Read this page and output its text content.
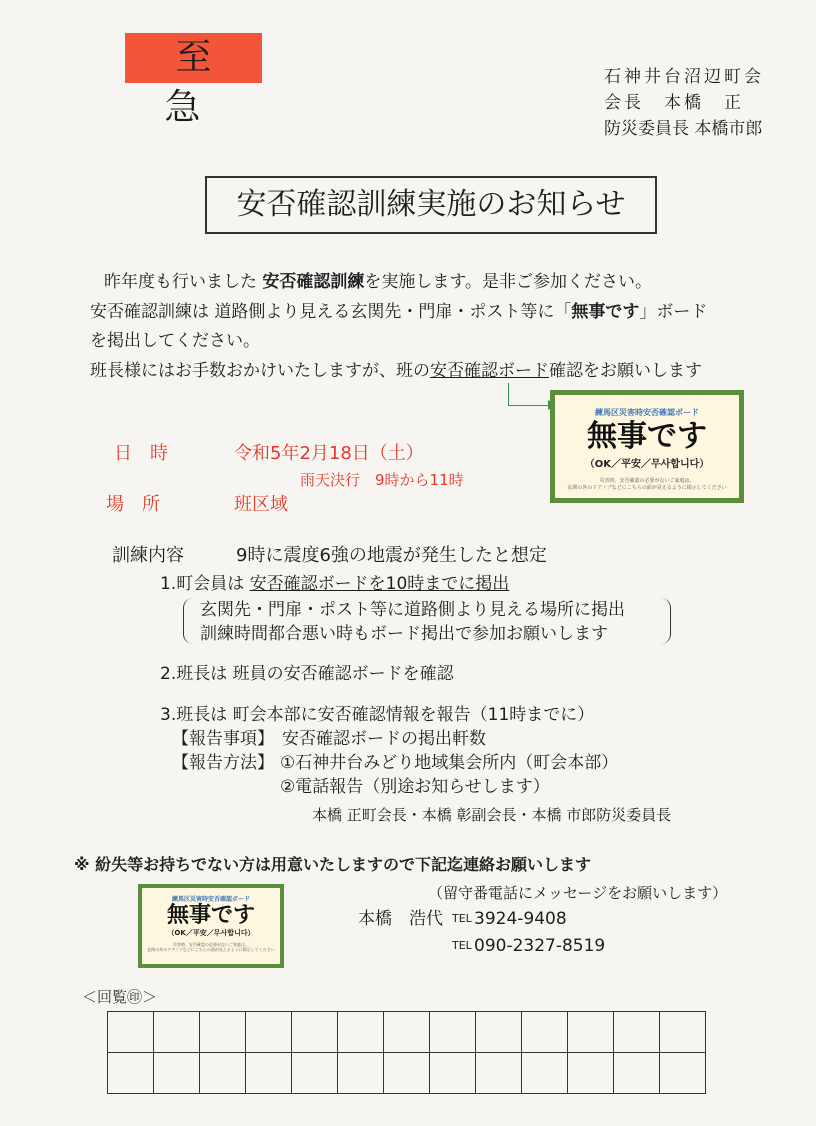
至急
石神井台沼辺町会
会長　本橋　正
防災委員長 本橋市郎
安否確認訓練実施のお知らせ
昨年度も行いました 安否確認訓練を実施します。是非ご参加ください。
安否確認訓練は 道路側より見える玄関先・門扉・ポスト等に「無事です」ボード
を掲出してください。
班長様にはお手数おかけいたしますが、班の安否確認ボード確認をお願いします
練馬区災害時安否確認ボード
無事です
（OK／平安／무사합니다）
災害時、安否確認の必要がないご家庭は、
玄関の外のドアノブなどにこちらの面が見えるように掲示してください
日　時	令和5年2月18日（土）
雨天決行　9時から11時
場　所	班区域
訓練内容	9時に震度6強の地震が発生したと想定
1.町会員は 安否確認ボードを10時までに掲出
玄関先・門扉・ポスト等に道路側より見える場所に掲出
訓練時間都合悪い時もボード掲出で参加お願いします
2.班長は 班員の安否確認ボードを確認
3.班長は 町会本部に安否確認情報を報告（11時までに）
【報告事項】 安否確認ボードの掲出軒数
【報告方法】 ①石神井台みどり地域集会所内（町会本部）
②電話報告（別途お知らせします）
本橋 正町会長・本橋 彰副会長・本橋 市郎防災委員長
※ 紛失等お持ちでない方は用意いたしますので下記迄連絡お願いします
（留守番電話にメッセージをお願いします）
練馬区災害時安否確認ボード
無事です
（OK／平安／무사합니다）
災害時、安否確認の必要がないご家庭は、
玄関の外のドアノブなどにこちらの面が見えるように掲示してください
本橋　浩代 TEL 3924-9408
TEL 090-2327-8519
＜回覧㊞＞
